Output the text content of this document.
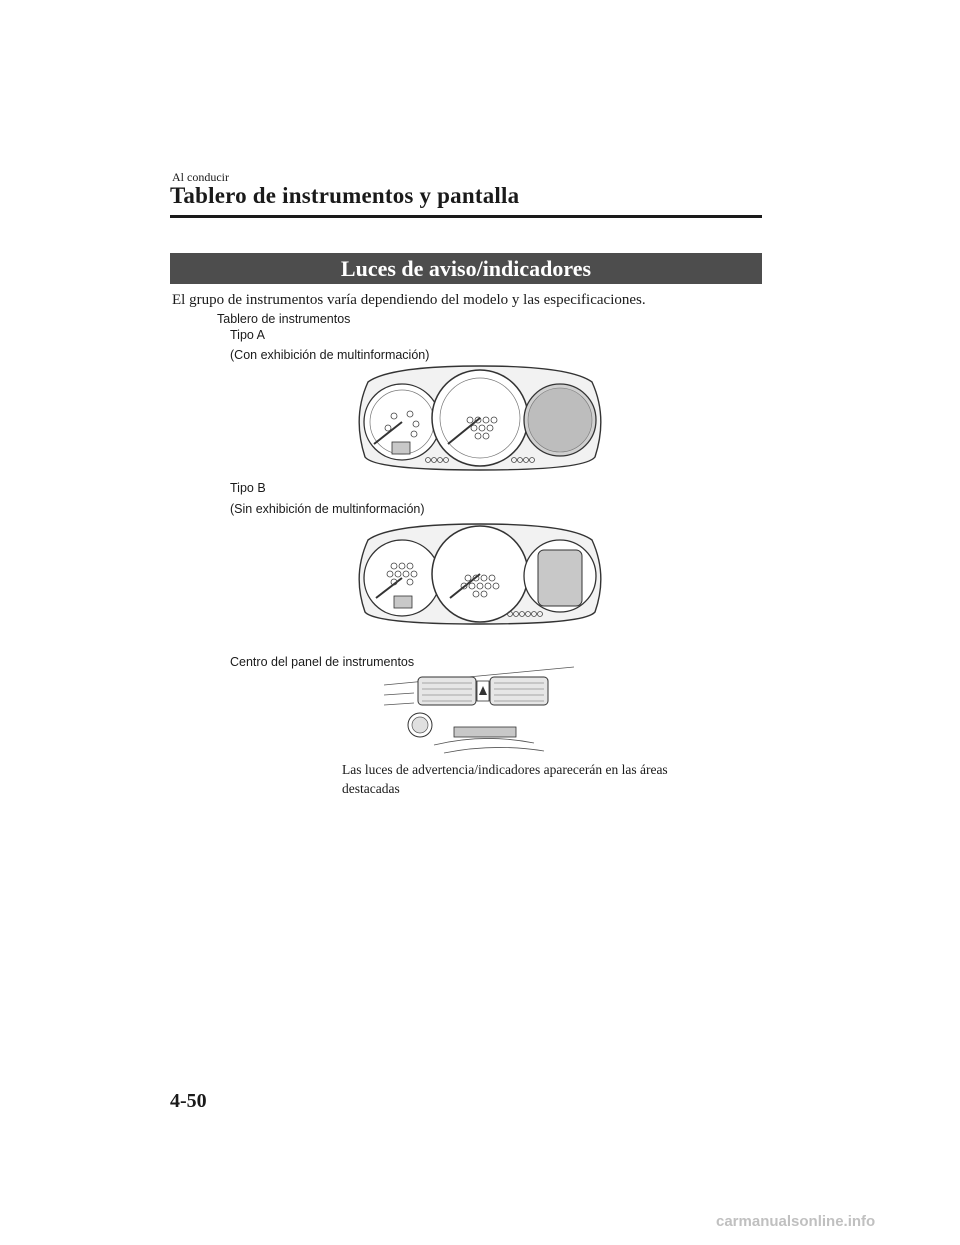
Al conducir
Tablero de instrumentos y pantalla
Luces de aviso/indicadores
El grupo de instrumentos varía dependiendo del modelo y las especificaciones.
Tablero de instrumentos
Tipo A
(Con exhibición de multinformación)
Tipo B
(Sin exhibición de multinformación)
Centro del panel de instrumentos
Las luces de advertencia/indicadores aparecerán en las áreas destacadas
4-50
carmanualsonline.info
